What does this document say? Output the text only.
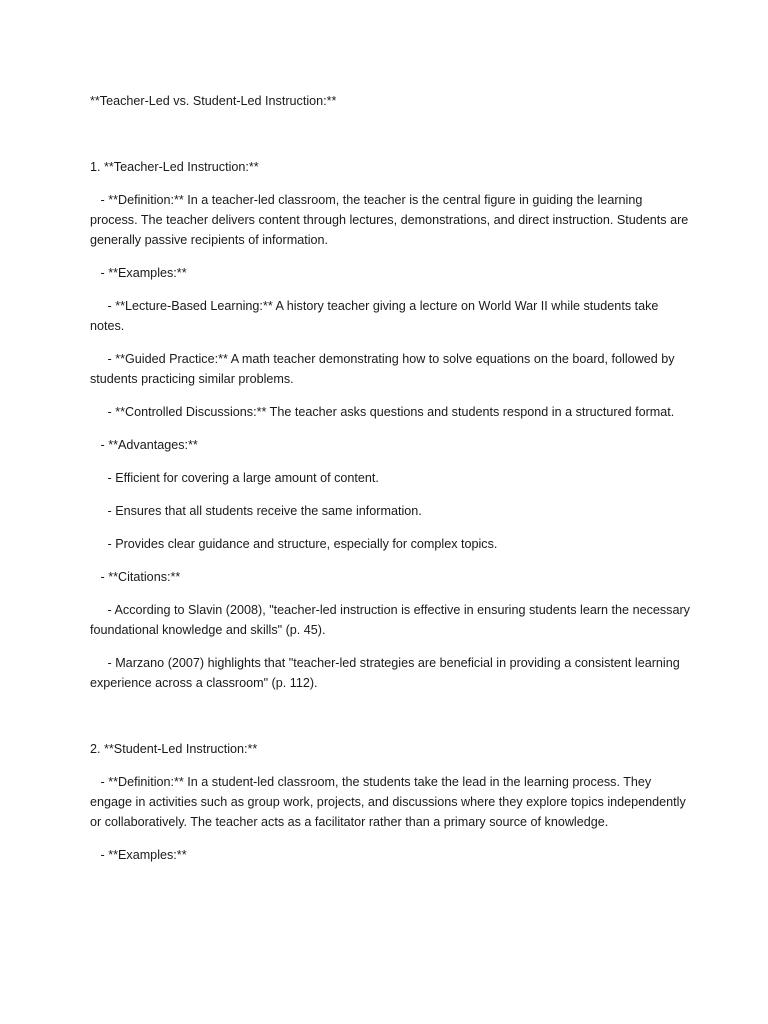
**Teacher-Led vs. Student-Led Instruction:**

1. **Teacher-Led Instruction:**

- **Definition:** In a teacher-led classroom, the teacher is the central figure in guiding the learning process. The teacher delivers content through lectures, demonstrations, and direct instruction. Students are generally passive recipients of information.

- **Examples:**

- **Lecture-Based Learning:** A history teacher giving a lecture on World War II while students take notes.

- **Guided Practice:** A math teacher demonstrating how to solve equations on the board, followed by students practicing similar problems.

- **Controlled Discussions:** The teacher asks questions and students respond in a structured format.

- **Advantages:**

- Efficient for covering a large amount of content.

- Ensures that all students receive the same information.

- Provides clear guidance and structure, especially for complex topics.

- **Citations:**

- According to Slavin (2008), "teacher-led instruction is effective in ensuring students learn the necessary foundational knowledge and skills" (p. 45).

- Marzano (2007) highlights that "teacher-led strategies are beneficial in providing a consistent learning experience across a classroom" (p. 112).

2. **Student-Led Instruction:**

- **Definition:** In a student-led classroom, the students take the lead in the learning process. They engage in activities such as group work, projects, and discussions where they explore topics independently or collaboratively. The teacher acts as a facilitator rather than a primary source of knowledge.

- **Examples:**
